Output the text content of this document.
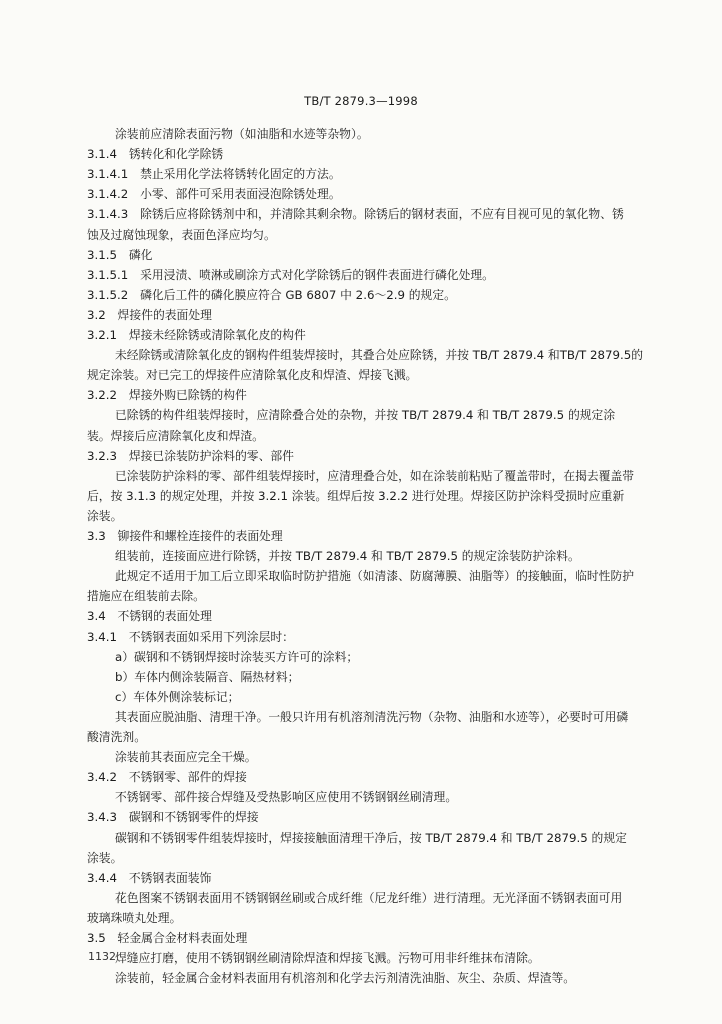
TB/T 2879.3—1998
涂装前应清除表面污物（如油脂和水迹等杂物）。
3.1.4　锈转化和化学除锈
3.1.4.1　禁止采用化学法将锈转化固定的方法。
3.1.4.2　小零、部件可采用表面浸泡除锈处理。
3.1.4.3　除锈后应将除锈剂中和，并清除其剩余物。除锈后的钢材表面，不应有目视可见的氧化物、锈
蚀及过腐蚀现象，表面色泽应均匀。
3.1.5　磷化
3.1.5.1　采用浸渍、喷淋或刷涂方式对化学除锈后的钢件表面进行磷化处理。
3.1.5.2　磷化后工件的磷化膜应符合 GB 6807 中 2.6～2.9 的规定。
3.2　焊接件的表面处理
3.2.1　焊接未经除锈或清除氧化皮的构件
未经除锈或清除氧化皮的钢构件组装焊接时，其叠合处应除锈，并按 TB/T 2879.4 和TB/T 2879.5的
规定涂装。对已完工的焊接件应清除氧化皮和焊渣、焊接飞溅。
3.2.2　焊接外购已除锈的构件
已除锈的构件组装焊接时，应清除叠合处的杂物，并按 TB/T 2879.4 和 TB/T 2879.5 的规定涂
装。焊接后应清除氧化皮和焊渣。
3.2.3　焊接已涂装防护涂料的零、部件
已涂装防护涂料的零、部件组装焊接时，应清理叠合处，如在涂装前粘贴了覆盖带时，在揭去覆盖带
后，按 3.1.3 的规定处理，并按 3.2.1 涂装。组焊后按 3.2.2 进行处理。焊接区防护涂料受损时应重新
涂装。
3.3　铆接件和螺栓连接件的表面处理
组装前，连接面应进行除锈，并按 TB/T 2879.4 和 TB/T 2879.5 的规定涂装防护涂料。
此规定不适用于加工后立即采取临时防护措施（如清漆、防腐薄膜、油脂等）的接触面，临时性防护
措施应在组装前去除。
3.4　不锈钢的表面处理
3.4.1　不锈钢表面如采用下列涂层时：
a）碳钢和不锈钢焊接时涂装买方许可的涂料；
b）车体内侧涂装隔音、隔热材料；
c）车体外侧涂装标记；
其表面应脱油脂、清理干净。一般只许用有机溶剂清洗污物（杂物、油脂和水迹等），必要时可用磷
酸清洗剂。
涂装前其表面应完全干燥。
3.4.2　不锈钢零、部件的焊接
不锈钢零、部件接合焊缝及受热影响区应使用不锈钢钢丝刷清理。
3.4.3　碳钢和不锈钢零件的焊接
碳钢和不锈钢零件组装焊接时，焊接接触面清理干净后，按 TB/T 2879.4 和 TB/T 2879.5 的规定
涂装。
3.4.4　不锈钢表面装饰
花色图案不锈钢表面用不锈钢钢丝刷或合成纤维（尼龙纤维）进行清理。无光泽面不锈钢表面可用
玻璃珠喷丸处理。
3.5　轻金属合金材料表面处理
焊缝应打磨，使用不锈钢钢丝刷清除焊渣和焊接飞溅。污物可用非纤维抹布清除。
涂装前，轻金属合金材料表面用有机溶剂和化学去污剂清洗油脂、灰尘、杂质、焊渣等。
1132
